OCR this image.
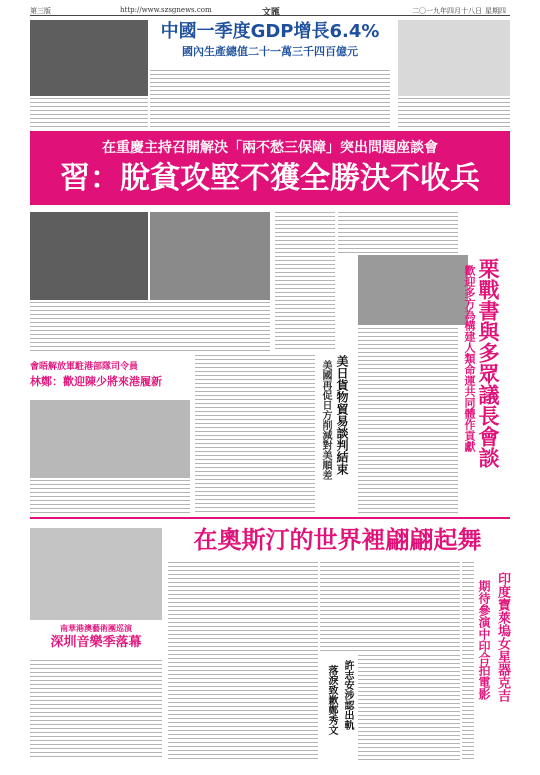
第三版	http://www.szsgnews.com	文匯	二〇一九年四月十八日 星期四
中國一季度GDP增長6.4%
國內生產總值二十一萬三千四百億元
在重慶主持召開解決「兩不愁三保障」突出問題座談會
習：脫貧攻堅不獲全勝決不收兵
栗戰書與多眾議長會談
歡迎多方為構建人類命運共同體作貢獻
會晤解放軍駐港部隊司令員
林鄭：歡迎陳少將來港履新	美日貨物貿易談判結束
美國再促日方削減對美順差
在奧斯汀的世界裡翩翩起舞
南華港澳藝術團巡演
深圳音樂季落幕
許志安涉認出軌
落淚致歉鄭秀文	印度寶萊塢女星器克吉
期待參演中印合拍電影
